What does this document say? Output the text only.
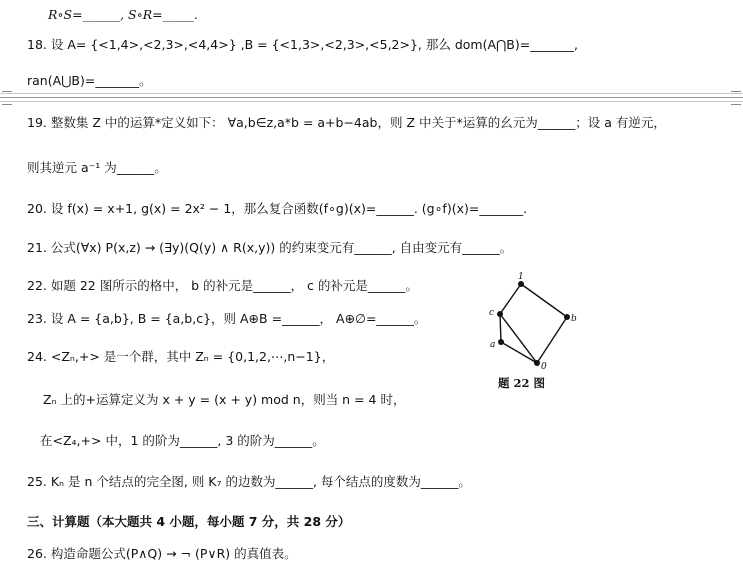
R∘S=______, S∘R=_____.
18. 设 A= {<1,4>,<2,3>,<4,4>} ,B = {<1,3>,<2,3>,<5,2>}, 那么 dom(A⋂B)=_______,
ran(A⋃B)=_______。
19. 整数集 Z 中的运算*定义如下： ∀a,b∈z,a*b = a+b−4ab，则 Z 中关于*运算的幺元为______；设 a 有逆元，
则其逆元 a⁻¹ 为______。
20. 设 f(x) = x+1, g(x) = 2x² − 1，那么复合函数(f∘g)(x)=______. (g∘f)(x)=_______.
21. 公式(∀x) P(x,z) → (∃y)(Q(y) ∧ R(x,y)) 的约束变元有______, 自由变元有______。
22. 如题 22 图所示的格中， b 的补元是______， c 的补元是______。
23. 设 A = {a,b}, B = {a,b,c}，则 A⊕B =______， A⊕∅=______。
24. <Zₙ,+> 是一个群，其中 Zₙ = {0,1,2,⋯,n−1}，
Zₙ 上的+运算定义为 x + y = (x + y) mod n，则当 n = 4 时，
在<Z₄,+> 中，1 的阶为______, 3 的阶为______。
25. Kₙ 是 n 个结点的完全图, 则 K₇ 的边数为______, 每个结点的度数为______。
三、计算题（本大题共 4 小题，每小题 7 分，共 28 分）
26. 构造命题公式(P∧Q) → ¬ (P∨R) 的真值表。
1
c
b
a
0
题 22 图
